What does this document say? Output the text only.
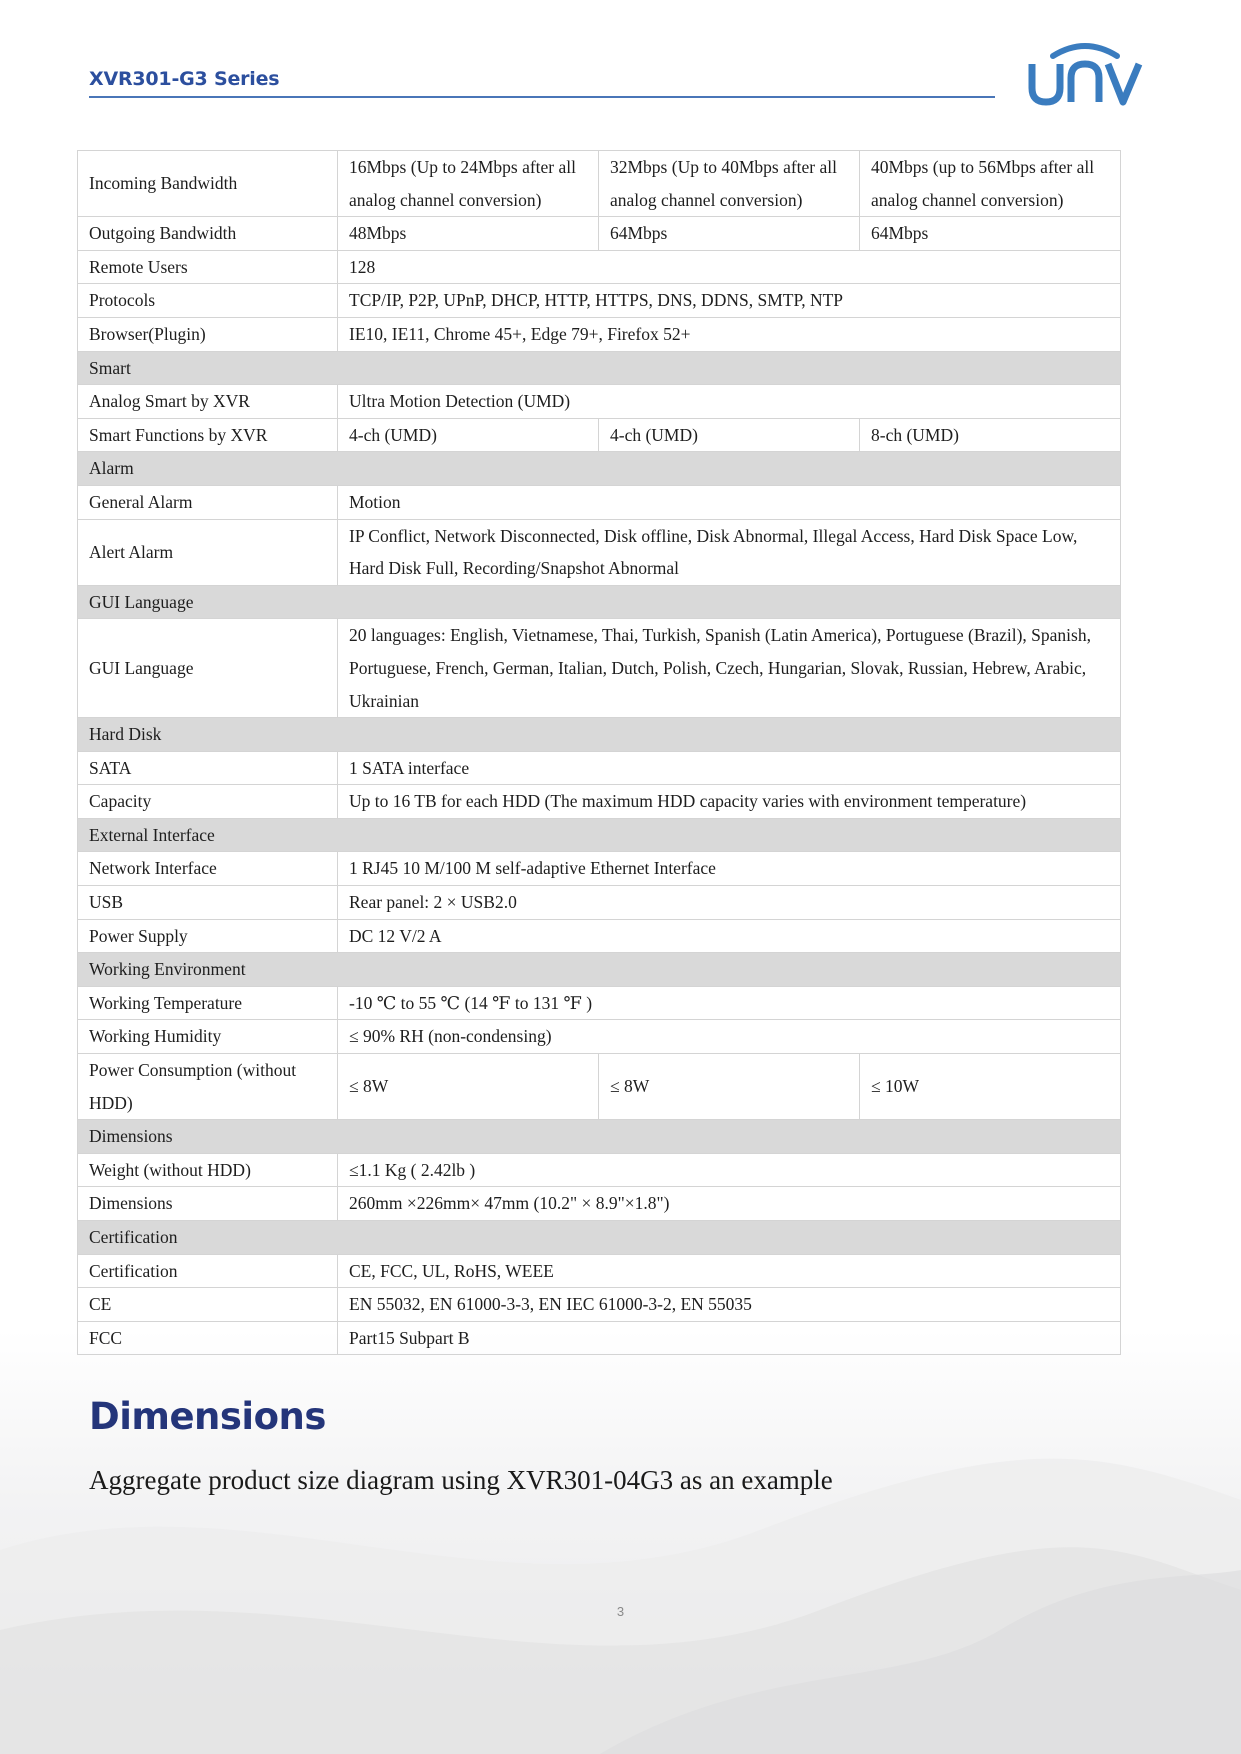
XVR301-G3 Series
Incoming Bandwidth	16Mbps (Up to 24Mbps after all analog channel conversion)	32Mbps (Up to 40Mbps after all analog channel conversion)	40Mbps (up to 56Mbps after all analog channel conversion)
Outgoing Bandwidth	48Mbps	64Mbps	64Mbps
Remote Users	128		
Protocols	TCP/IP, P2P, UPnP, DHCP, HTTP, HTTPS, DNS, DDNS, SMTP, NTP		
Browser(Plugin)	IE10, IE11, Chrome 45+, Edge 79+, Firefox 52+		
Smart			
Analog Smart by XVR	Ultra Motion Detection (UMD)		
Smart Functions by XVR	4-ch (UMD)	4-ch (UMD)	8-ch (UMD)
Alarm			
General Alarm	Motion		
Alert Alarm	IP Conflict, Network Disconnected, Disk offline, Disk Abnormal, Illegal Access, Hard Disk Space Low, Hard Disk Full, Recording/Snapshot Abnormal		
GUI Language			
GUI Language	20 languages: English, Vietnamese, Thai, Turkish, Spanish (Latin America), Portuguese (Brazil), Spanish, Portuguese, French, German, Italian, Dutch, Polish, Czech, Hungarian, Slovak, Russian, Hebrew, Arabic, Ukrainian		
Hard Disk			
SATA	1 SATA interface		
Capacity	Up to 16 TB for each HDD (The maximum HDD capacity varies with environment temperature)		
External Interface			
Network Interface	1 RJ45 10 M/100 M self-adaptive Ethernet Interface		
USB	Rear panel: 2 × USB2.0		
Power Supply	DC 12 V/2 A		
Working Environment			
Working Temperature	-10 ℃ to 55 ℃ (14 ℉ to 131 ℉ )		
Working Humidity	≤ 90% RH (non-condensing)		
Power Consumption (without HDD)	≤ 8W	≤ 8W	≤ 10W
Dimensions			
Weight (without HDD)	≤1.1 Kg ( 2.42lb )		
Dimensions	260mm ×226mm× 47mm (10.2" × 8.9"×1.8")		
Certification			
Certification	CE, FCC, UL, RoHS, WEEE		
CE	EN 55032, EN 61000-3-3, EN IEC 61000-3-2, EN 55035		
FCC	Part15 Subpart B		
Dimensions
Aggregate product size diagram using XVR301-04G3 as an example
3
